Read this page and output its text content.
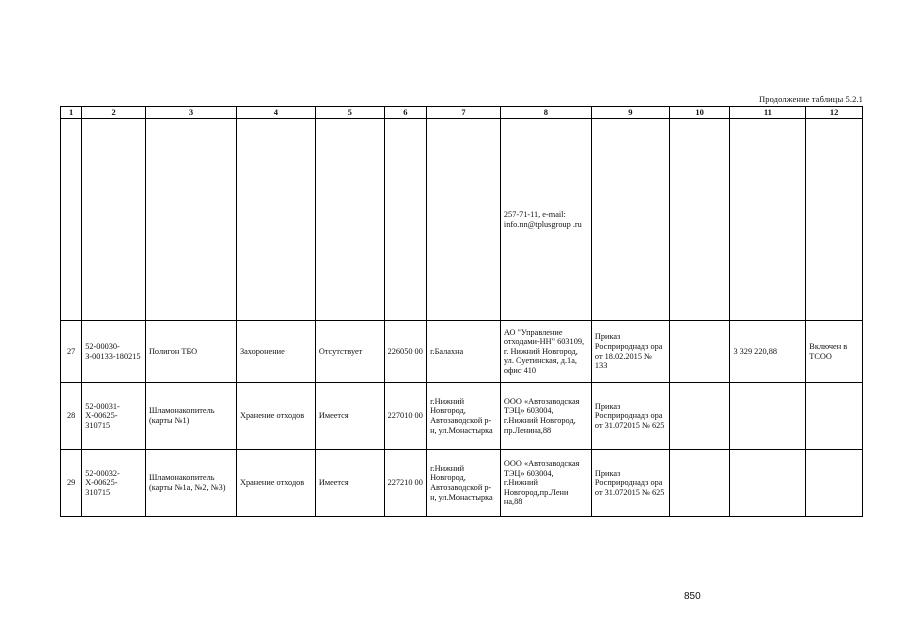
Продолжение таблицы 5.2.1
1	2	3	4	5	6	7	8	9	10	11	12
							257-71-11, e-mail: info.nn@tplusgroup .ru				
27	52-00030-З-00133-180215	Полигон ТБО	Захоронение	Отсутствует	226050 00	г.Балахна	АО "Управление отходами-НН" 603109, г. Нижний Новгород, ул. Суетинская, д.1а, офис 410	Приказ Росприроднадз ора от 18.02.2015 № 133		3 329 220,88	Включен в ТСОО
28	52-00031-Х-00625-310715	Шламонакопитель (карты №1)	Хранение отходов	Имеется	227010 00	г.Нижний Новгород, Автозаводской р-н, ул.Монастырка	ООО «Автозаводская ТЭЦ» 603004, г.Нижний Новгород, пр.Ленина,88	Приказ Росприроднадз ора от 31.072015 № 625			
29	52-00032-Х-00625-310715	Шламонакопитель (карты №1а, №2, №3)	Хранение отходов	Имеется	227210 00	г.Нижний Новгород, Автозаводской р-н, ул.Монастырка	ООО «Автозаводская ТЭЦ» 603004, г.Нижний Новгород,пр.Лени на,88	Приказ Росприроднадз ора от 31.072015 № 625			
850
